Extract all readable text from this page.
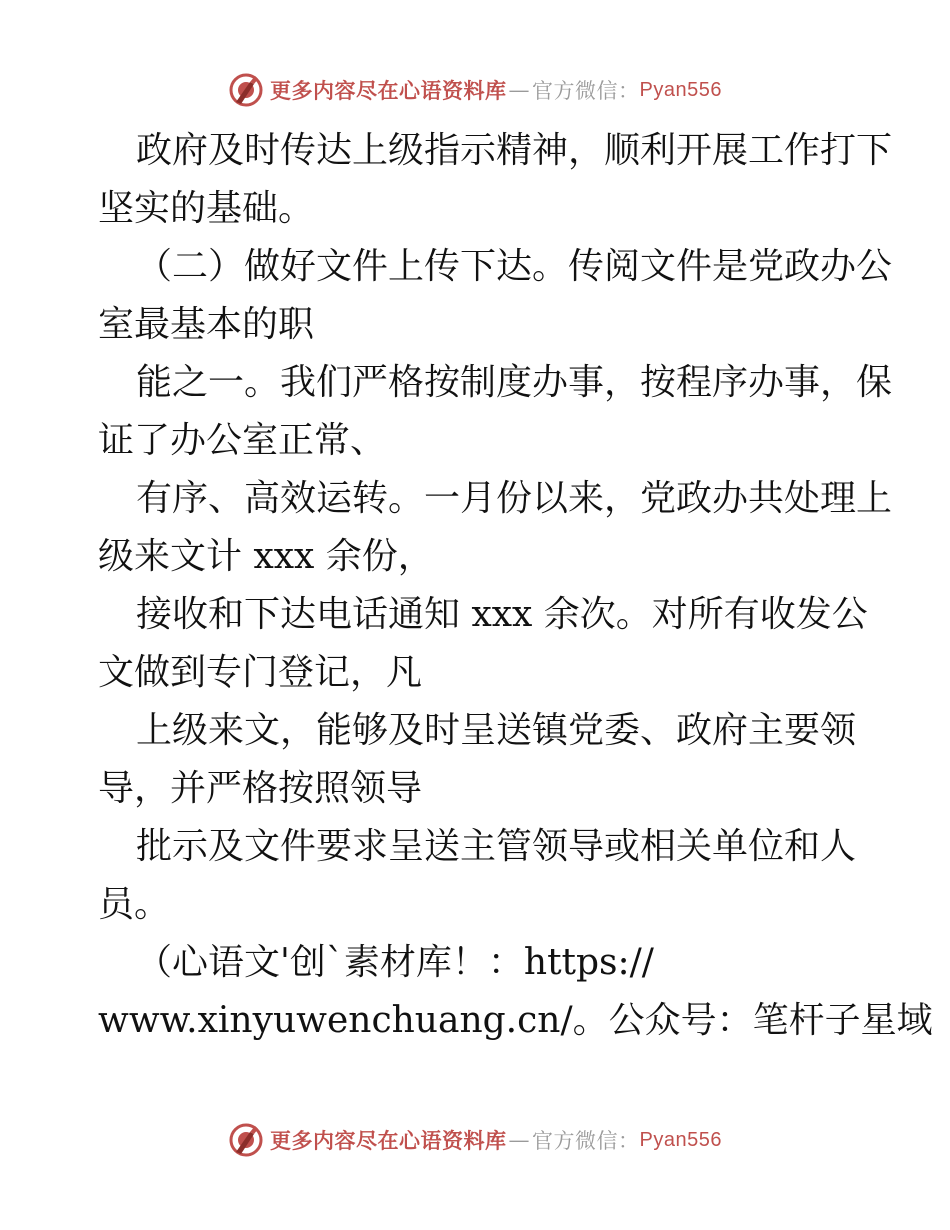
更多内容尽在心语资料库 — 官方微信： Pyan556
政府及时传达上级指示精神，顺利开展工作打下
坚实的基础。
（二）做好文件上传下达。传阅文件是党政办公
室最基本的职
能之一。我们严格按制度办事，按程序办事，保
证了办公室正常、
有序、高效运转。一月份以来，党政办共处理上
级来文计 xxx 余份，
接收和下达电话通知 xxx 余次。对所有收发公
文做到专门登记，凡
上级来文，能够及时呈送镇党委、政府主要领
导，并严格按照领导
批示及文件要求呈送主管领导或相关单位和人
员。
（心语文'创`素材库！：https://
www.xinyuwenchuang.cn/。公众号：笔杆子星域
更多内容尽在心语资料库 — 官方微信： Pyan556
